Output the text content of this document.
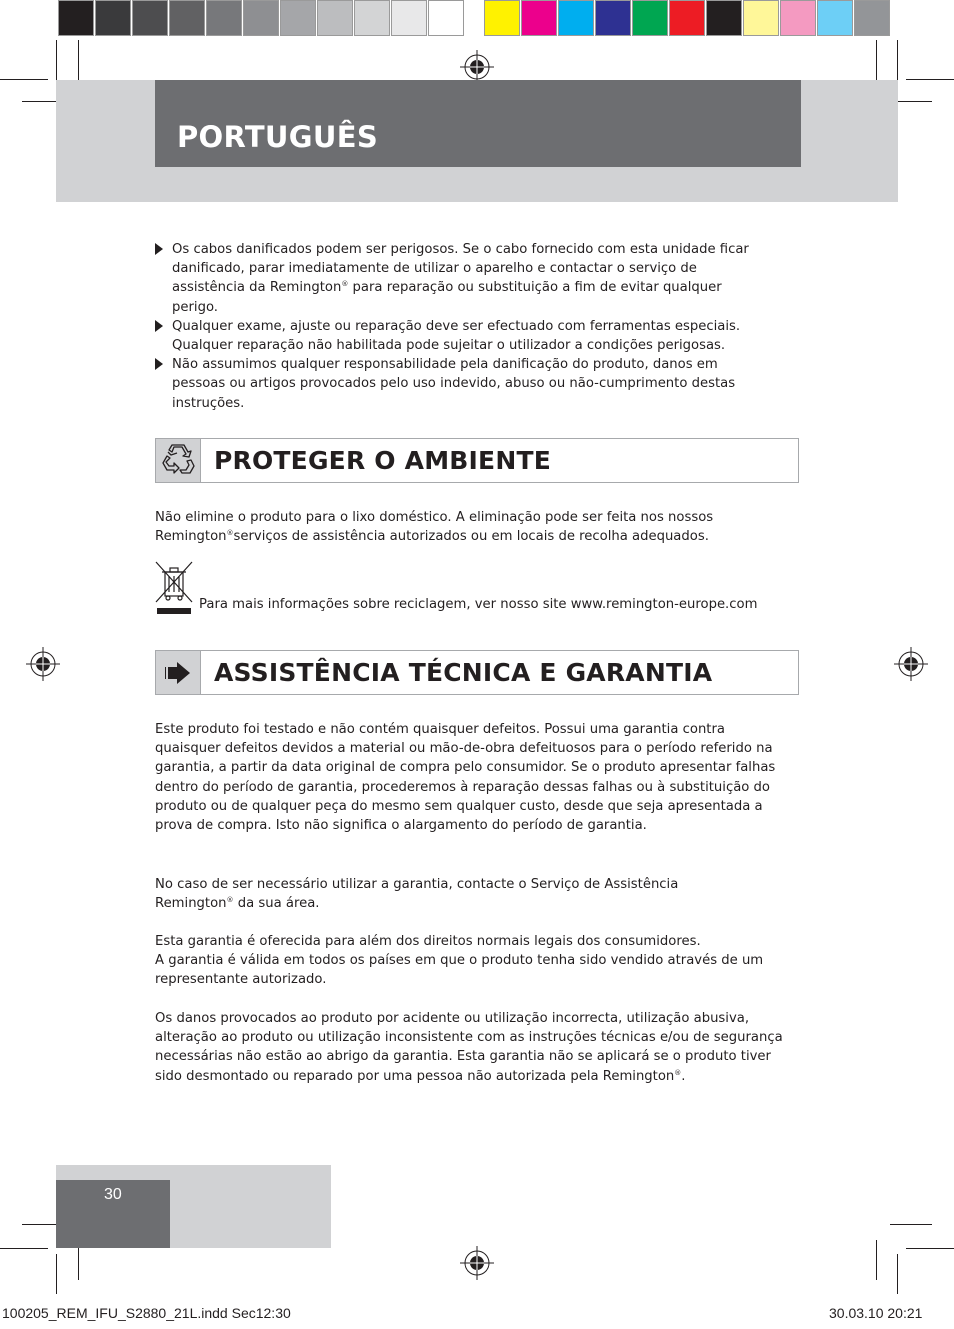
PORTUGUÊS
Os cabos danificados podem ser perigosos. Se o cabo fornecido com esta unidade ficar danificado, parar imediatamente de utilizar o aparelho e contactar o serviço de assistência da Remington® para reparação ou substituição a fim de evitar qualquer perigo.
Qualquer exame, ajuste ou reparação deve ser efectuado com ferramentas especiais. Qualquer reparação não habilitada pode sujeitar o utilizador a condições perigosas.
Não assumimos qualquer responsabilidade pela danificação do produto, danos em pessoas ou artigos provocados pelo uso indevido, abuso ou não-cumprimento destas instruções.
PROTEGER O AMBIENTE

Não elimine o produto para o lixo doméstico. A eliminação pode ser feita nos nossos Remington®serviços de assistência autorizados ou em locais de recolha adequados.

Para mais informações sobre reciclagem, ver nosso site www.remington-europe.com

ASSISTÊNCIA TÉCNICA E GARANTIA

Este produto foi testado e não contém quaisquer defeitos. Possui uma garantia contra quaisquer defeitos devidos a material ou mão-de-obra defeituosos para o período referido na garantia, a partir da data original de compra pelo consumidor. Se o produto apresentar falhas dentro do período de garantia, procederemos à reparação dessas falhas ou à substituição do produto ou de qualquer peça do mesmo sem qualquer custo, desde que seja apresentada a prova de compra. Isto não significa o alargamento do período de garantia.

No caso de ser necessário utilizar a garantia, contacte o Serviço de Assistência Remington® da sua área.

Esta garantia é oferecida para além dos direitos normais legais dos consumidores.
A garantia é válida em todos os países em que o produto tenha sido vendido através de um representante autorizado.

Os danos provocados ao produto por acidente ou utilização incorrecta, utilização abusiva, alteração ao produto ou utilização inconsistente com as instruções técnicas e/ou de segurança necessárias não estão ao abrigo da garantia. Esta garantia não se aplicará se o produto tiver sido desmontado ou reparado por uma pessoa não autorizada pela Remington®.

30

100205_REM_IFU_S2880_21L.indd Sec12:30	30.03.10 20:21
